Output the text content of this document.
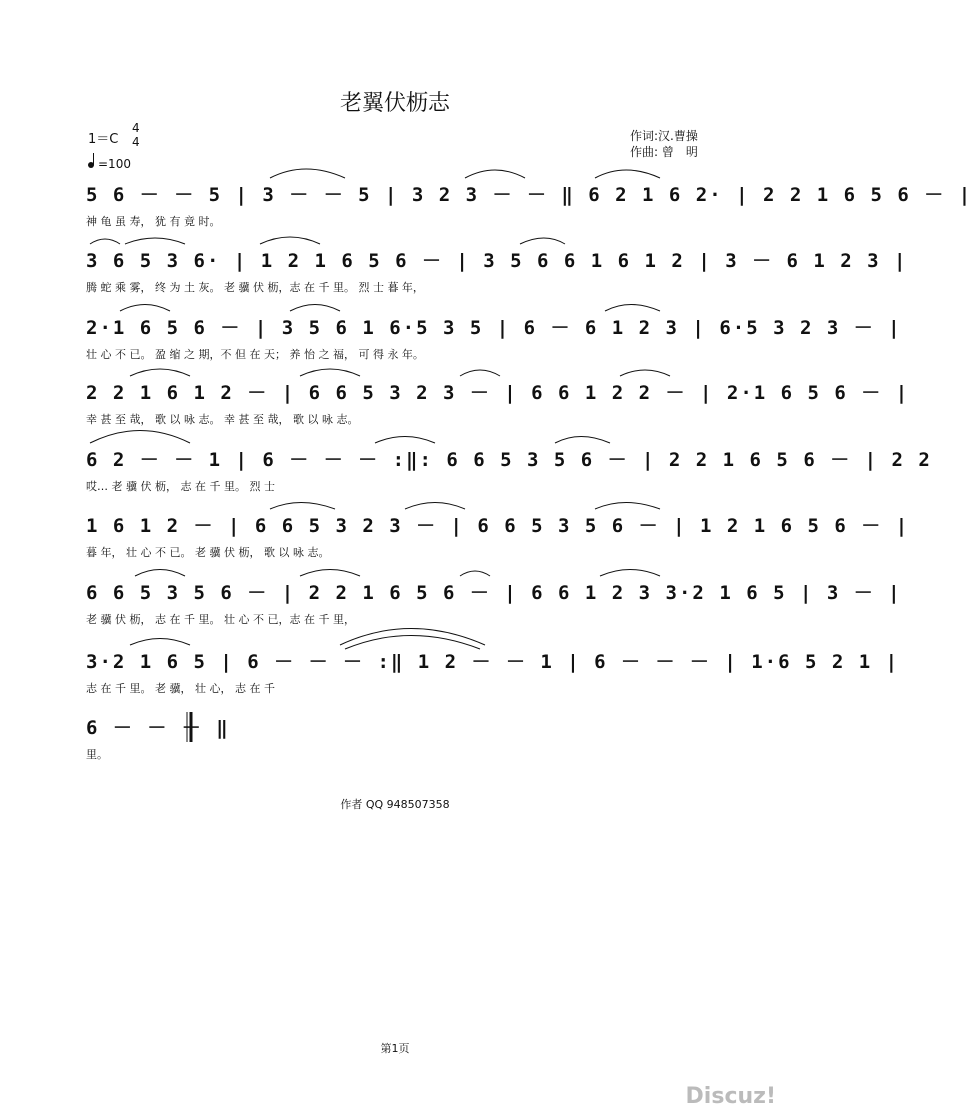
老翼伏枥志
1＝C
4
4
=100
作词:汉.曹操
作曲: 曾　明
5 6 － － 5 | 3 － － 5 | 3 2 3 － － ‖ 6 2 1 6 2· | 2 2 1 6 5 6 － |
神 龟 虽 寿， 犹 有 竟 时。
3 6 5 3 6· | 1 2 1 6 5 6 － | 3 5 6 6 1 6 1 2 | 3 － 6 1 2 3 |
腾 蛇 乘 雾， 终 为 土 灰。 老 骥 伏 枥，志 在 千 里。 烈 士 暮 年，
2·1 6 5 6 － | 3 5 6 1 6·5 3 5 | 6 － 6 1 2 3 | 6·5 3 2 3 － |
壮 心 不 已。 盈 缩 之 期，不 但 在 天； 养 怡 之 福， 可 得 永 年。
2 2 1 6 1 2 － | 6 6 5 3 2 3 － | 6 6 1 2 2 － | 2·1 6 5 6 － |
幸 甚 至 哉， 歌 以 咏 志。 幸 甚 至 哉， 歌 以 咏 志。
6 2 － － 1 | 6 － － － :‖: 6 6 5 3 5 6 － | 2 2 1 6 5 6 － | 2 2
哎… 老 骥 伏 枥， 志 在 千 里。 烈 士
1 6 1 2 － | 6 6 5 3 2 3 － | 6 6 5 3 5 6 － | 1 2 1 6 5 6 － |
暮 年， 壮 心 不 已。 老 骥 伏 枥， 歌 以 咏 志。
6 6 5 3 5 6 － | 2 2 1 6 5 6 － | 6 6 1 2 3 3·2 1 6 5 | 3 － |
老 骥 伏 枥， 志 在 千 里。 壮 心 不 已，志 在 千 里，
3·2 1 6 5 | 6 － － － :‖ 1 2 － － 1 | 6 － － － | 1·6 5 2 1 |
志 在 千 里。 老 骥， 壮 心， 志 在 千
6 － － － ‖
里。
作者 QQ 948507358
第1页
Discuz!
